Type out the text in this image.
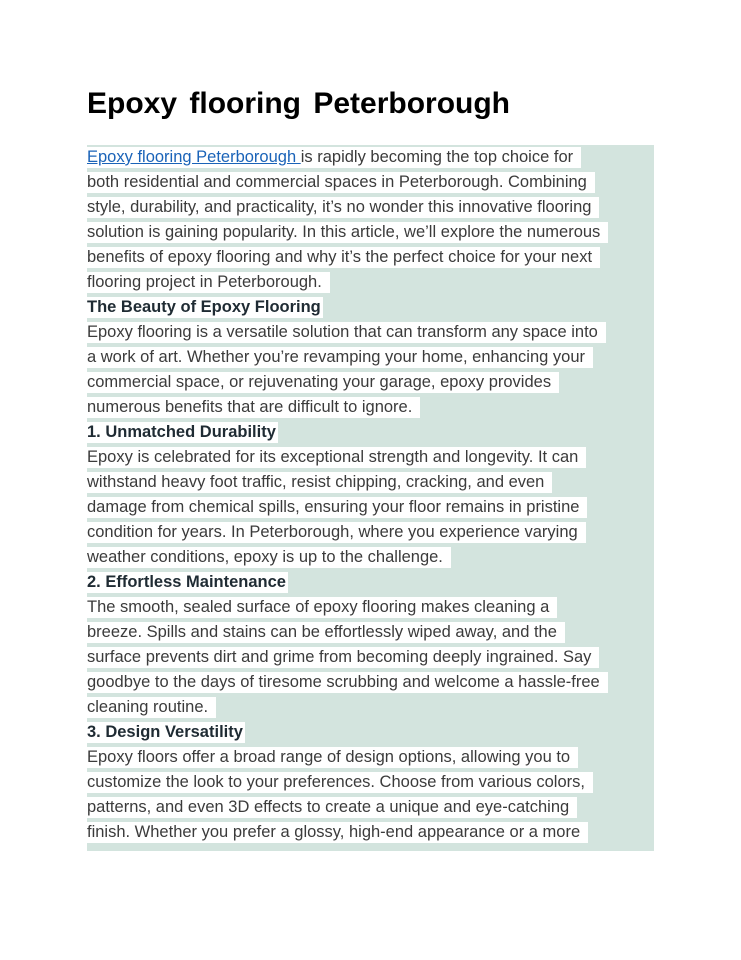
Epoxy flooring Peterborough
Epoxy flooring Peterborough is rapidly becoming the top choice for
both residential and commercial spaces in Peterborough. Combining
style, durability, and practicality, it’s no wonder this innovative flooring
solution is gaining popularity. In this article, we’ll explore the numerous
benefits of epoxy flooring and why it’s the perfect choice for your next
flooring project in Peterborough.
The Beauty of Epoxy Flooring
Epoxy flooring is a versatile solution that can transform any space into
a work of art. Whether you’re revamping your home, enhancing your
commercial space, or rejuvenating your garage, epoxy provides
numerous benefits that are difficult to ignore.
1. Unmatched Durability
Epoxy is celebrated for its exceptional strength and longevity. It can
withstand heavy foot traffic, resist chipping, cracking, and even
damage from chemical spills, ensuring your floor remains in pristine
condition for years. In Peterborough, where you experience varying
weather conditions, epoxy is up to the challenge.
2. Effortless Maintenance
The smooth, sealed surface of epoxy flooring makes cleaning a
breeze. Spills and stains can be effortlessly wiped away, and the
surface prevents dirt and grime from becoming deeply ingrained. Say
goodbye to the days of tiresome scrubbing and welcome a hassle-free
cleaning routine.
3. Design Versatility
Epoxy floors offer a broad range of design options, allowing you to
customize the look to your preferences. Choose from various colors,
patterns, and even 3D effects to create a unique and eye-catching
finish. Whether you prefer a glossy, high-end appearance or a more
